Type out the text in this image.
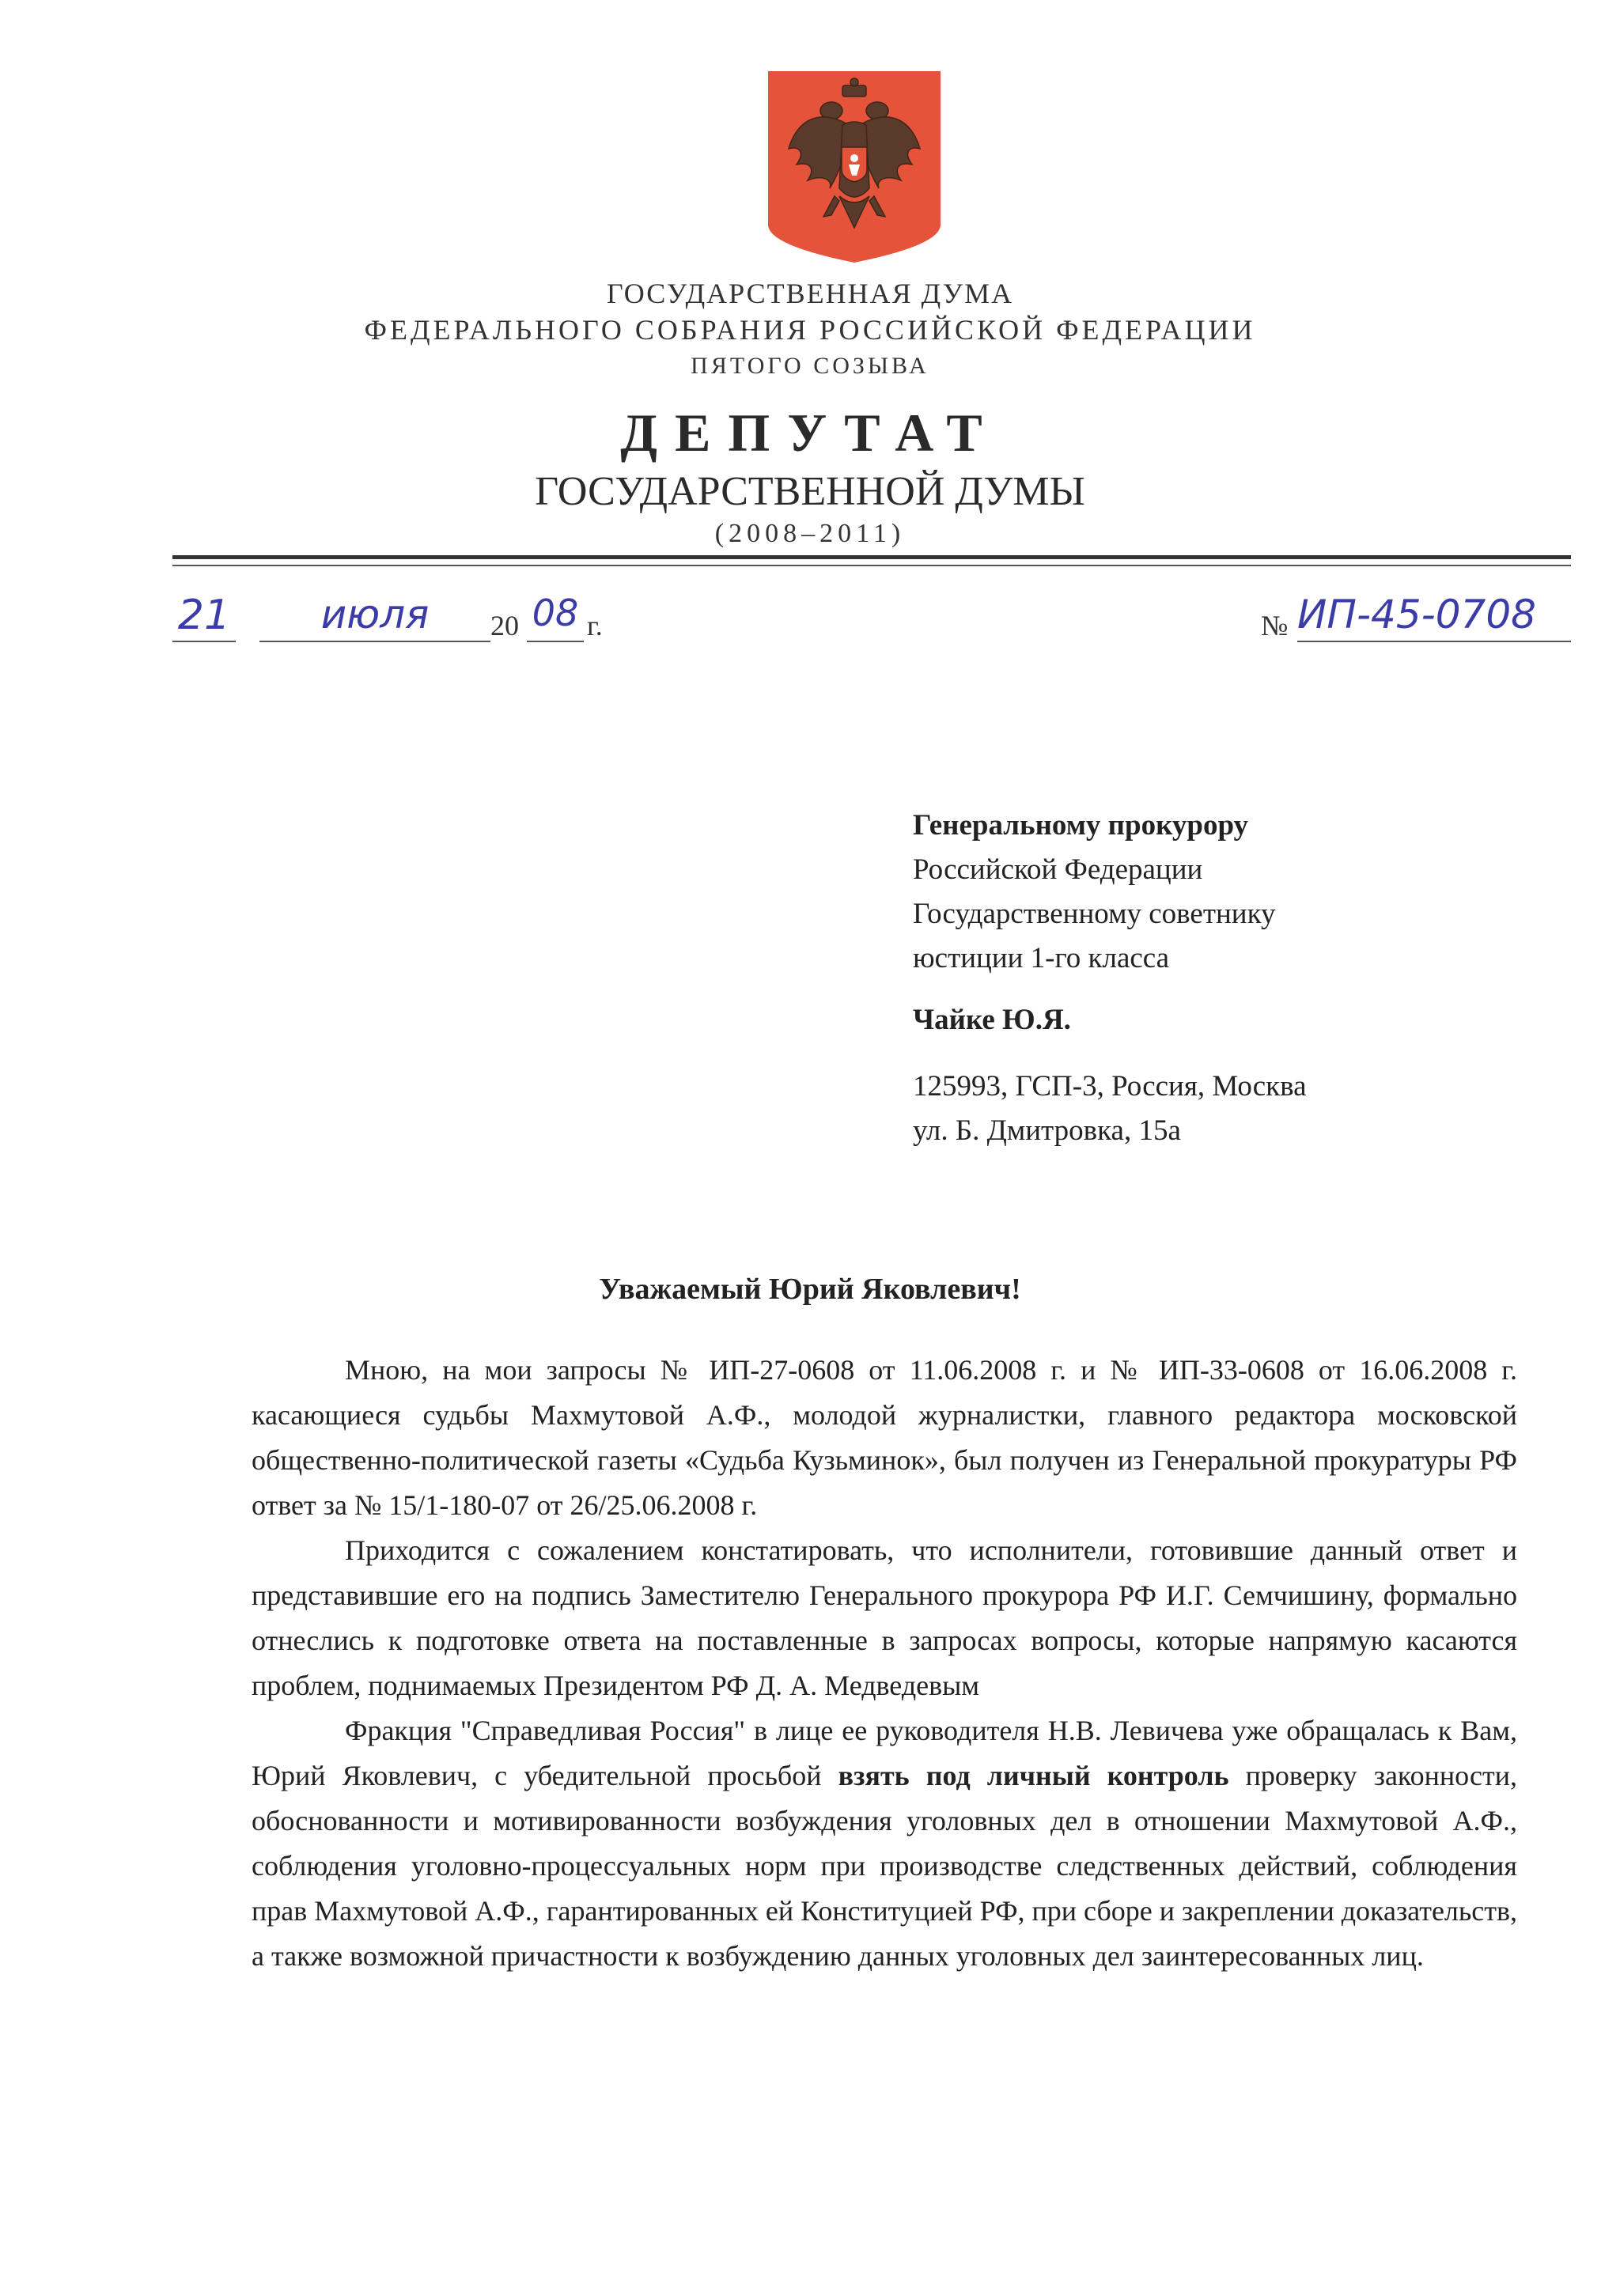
ГОСУДАРСТВЕННАЯ ДУМА
ФЕДЕРАЛЬНОГО СОБРАНИЯ РОССИЙСКОЙ ФЕДЕРАЦИИ
ПЯТОГО СОЗЫВА
ДЕПУТАТ
ГОСУДАРСТВЕННОЙ ДУМЫ
(2008–2011)
21	июля	20 08 г.	№ ИП-45-0708
Генеральному прокурору
Российской Федерации
Государственному советнику
юстиции 1-го класса
Чайке Ю.Я.
125993, ГСП-3, Россия, Москва
ул. Б. Дмитровка, 15а
Уважаемый Юрий Яковлевич!

Мною, на мои запросы № ИП-27-0608 от 11.06.2008 г. и № ИП-33-0608 от 16.06.2008 г. касающиеся судьбы Махмутовой А.Ф., молодой журналистки, главного редактора московской общественно-политической газеты «Судьба Кузьминок», был получен из Генеральной прокуратуры РФ ответ за № 15/1-180-07 от 26/25.06.2008 г.

Приходится с сожалением констатировать, что исполнители, готовившие данный ответ и представившие его на подпись Заместителю Генерального прокурора РФ И.Г. Семчишину, формально отнеслись к подготовке ответа на поставленные в запросах вопросы, которые напрямую касаются проблем, поднимаемых Президентом РФ Д. А. Медведевым

Фракция "Справедливая Россия" в лице ее руководителя Н.В. Левичева уже обращалась к Вам, Юрий Яковлевич, с убедительной просьбой взять под личный контроль проверку законности, обоснованности и мотивированности возбуждения уголовных дел в отношении Махмутовой А.Ф., соблюдения уголовно-процессуальных норм при производстве следственных действий, соблюдения прав Махмутовой А.Ф., гарантированных ей Конституцией РФ, при сборе и закреплении доказательств, а также возможной причастности к возбуждению данных уголовных дел заинтересованных лиц.
